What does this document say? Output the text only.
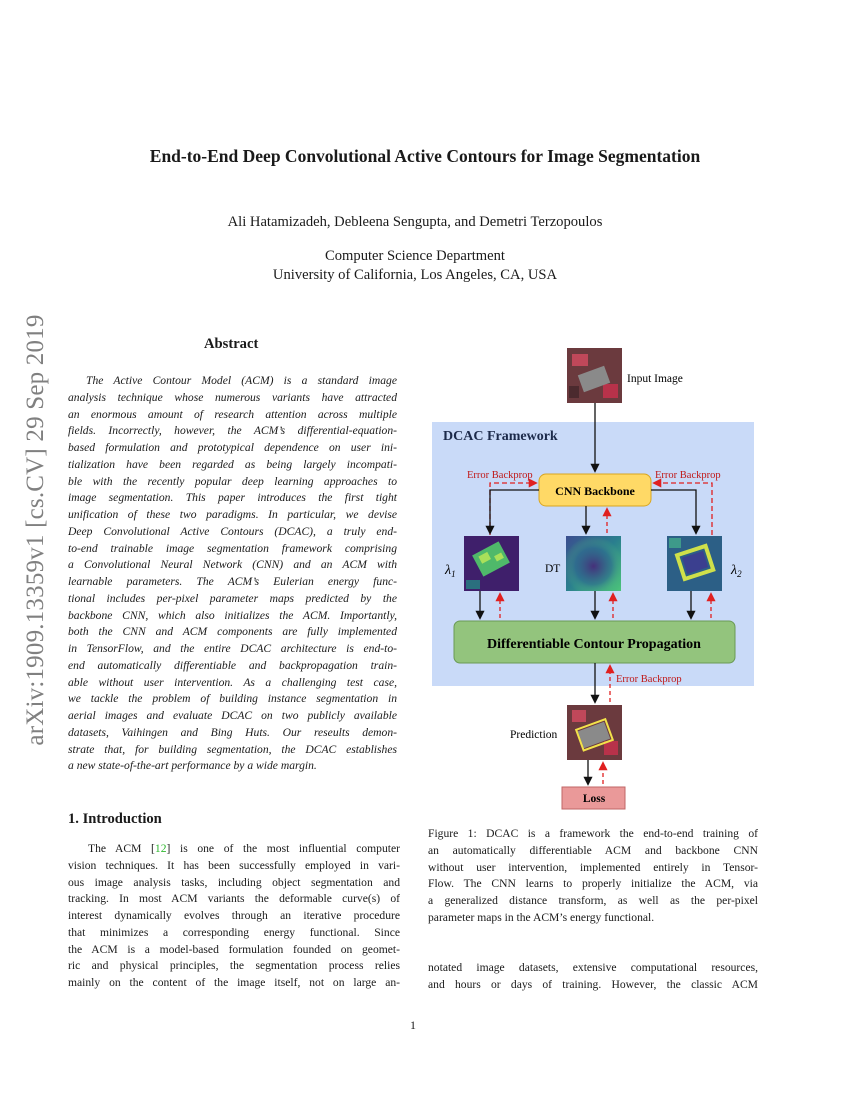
arXiv:1909.13359v1 [cs.CV] 29 Sep 2019
End-to-End Deep Convolutional Active Contours for Image Segmentation
Ali Hatamizadeh, Debleena Sengupta, and Demetri Terzopoulos
Computer Science Department
University of California, Los Angeles, CA, USA
Abstract
The Active Contour Model (ACM) is a standard image
analysis technique whose numerous variants have attracted
an enormous amount of research attention across multiple
fields. Incorrectly, however, the ACM’s differential-equation-
based formulation and prototypical dependence on user ini-
tialization have been regarded as being largely incompati-
ble with the recently popular deep learning approaches to
image segmentation. This paper introduces the first tight
unification of these two paradigms. In particular, we devise
Deep Convolutional Active Contours (DCAC), a truly end-
to-end trainable image segmentation framework comprising
a Convolutional Neural Network (CNN) and an ACM with
learnable parameters. The ACM’s Eulerian energy func-
tional includes per-pixel parameter maps predicted by the
backbone CNN, which also initializes the ACM. Importantly,
both the CNN and ACM components are fully implemented
in TensorFlow, and the entire DCAC architecture is end-to-
end automatically differentiable and backpropagation train-
able without user intervention. As a challenging test case,
we tackle the problem of building instance segmentation in
aerial images and evaluate DCAC on two publicly available
datasets, Vaihingen and Bing Huts. Our reseults demon-
strate that, for building segmentation, the DCAC establishes
a new state-of-the-art performance by a wide margin.
1. Introduction
The ACM [12] is one of the most influential computer
vision techniques. It has been successfully employed in vari-
ous image analysis tasks, including object segmentation and
tracking. In most ACM variants the deformable curve(s) of
interest dynamically evolves through an iterative procedure
that minimizes a corresponding energy functional. Since
the ACM is a model-based formulation founded on geomet-
ric and physical principles, the segmentation process relies
mainly on the content of the image itself, not on large an-
DCAC Framework
Input Image
CNN Backbone
Error Backprop	Error Backprop
$\lambda_1$	DT	$\lambda_2$
Differentiable Contour Propagation
Error Backprop
Prediction
Loss
Figure 1: DCAC is a framework the end-to-end training of
an automatically differentiable ACM and backbone CNN
without user intervention, implemented entirely in Tensor-
Flow. The CNN learns to properly initialize the ACM, via
a generalized distance transform, as well as the per-pixel
parameter maps in the ACM’s energy functional.
notated image datasets, extensive computational resources,
and hours or days of training. However, the classic ACM
1
